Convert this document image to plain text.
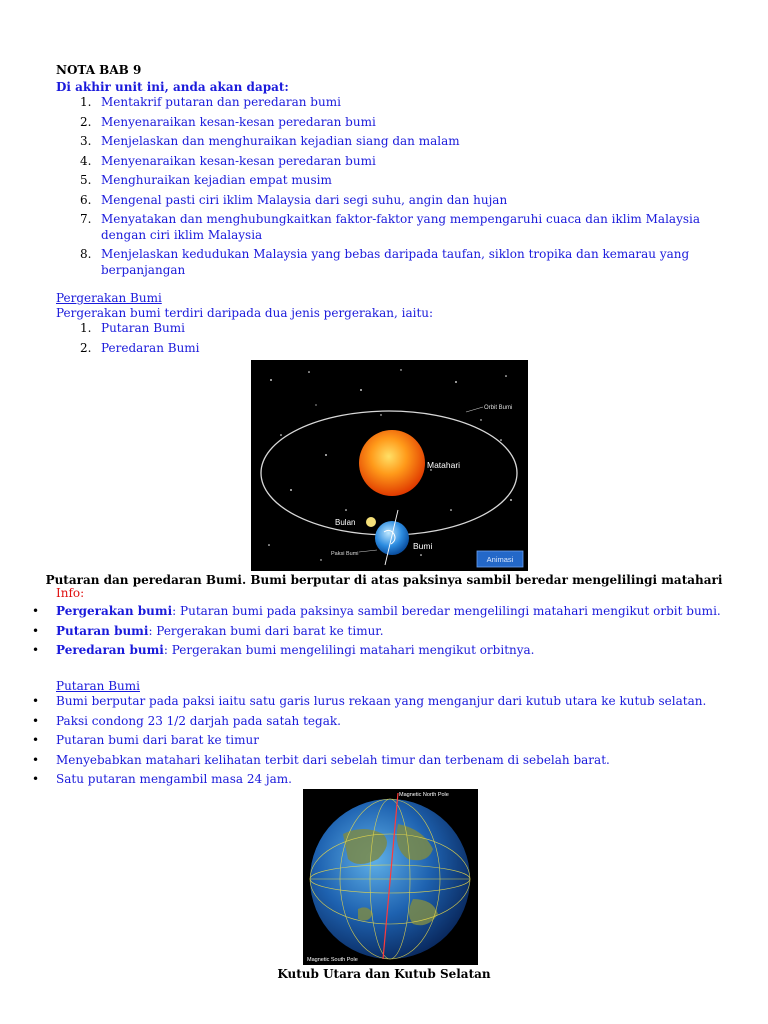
NOTA BAB 9
Di akhir unit ini, anda akan dapat:
1. Mentakrif putaran dan peredaran bumi
2. Menyenaraikan kesan-kesan peredaran bumi
3. Menjelaskan dan menghuraikan kejadian siang dan malam
4. Menyenaraikan kesan-kesan peredaran bumi
5. Menghuraikan kejadian empat musim
6. Mengenal pasti ciri iklim Malaysia dari segi suhu, angin dan hujan
7. Menyatakan dan menghubungkaitkan faktor-faktor yang mempengaruhi cuaca dan iklim Malaysia dengan ciri iklim Malaysia
8. Menjelaskan kedudukan Malaysia yang bebas daripada taufan, siklon tropika dan kemarau yang berpanjangan
Pergerakan Bumi
Pergerakan bumi terdiri daripada dua jenis pergerakan, iaitu:
1. Putaran Bumi
2. Peredaran Bumi
Orbit Bumi
Matahari
Bulan
Bumi
Paksi Bumi
Animasi
Putaran dan peredaran Bumi. Bumi berputar di atas paksinya sambil beredar mengelilingi matahari
Info:
• Pergerakan bumi: Putaran bumi pada paksinya sambil beredar mengelilingi matahari mengikut orbit bumi.
• Putaran bumi: Pergerakan bumi dari barat ke timur.
• Peredaran bumi: Pergerakan bumi mengelilingi matahari mengikut orbitnya.
Putaran Bumi
• Bumi berputar pada paksi iaitu satu garis lurus rekaan yang menganjur dari kutub utara ke kutub selatan.
• Paksi condong 23 1/2 darjah pada satah tegak.
• Putaran bumi dari barat ke timur
• Menyebabkan matahari kelihatan terbit dari sebelah timur dan terbenam di sebelah barat.
• Satu putaran mengambil masa 24 jam.
Magnetic North Pole
Magnetic South Pole
Kutub Utara dan Kutub Selatan
